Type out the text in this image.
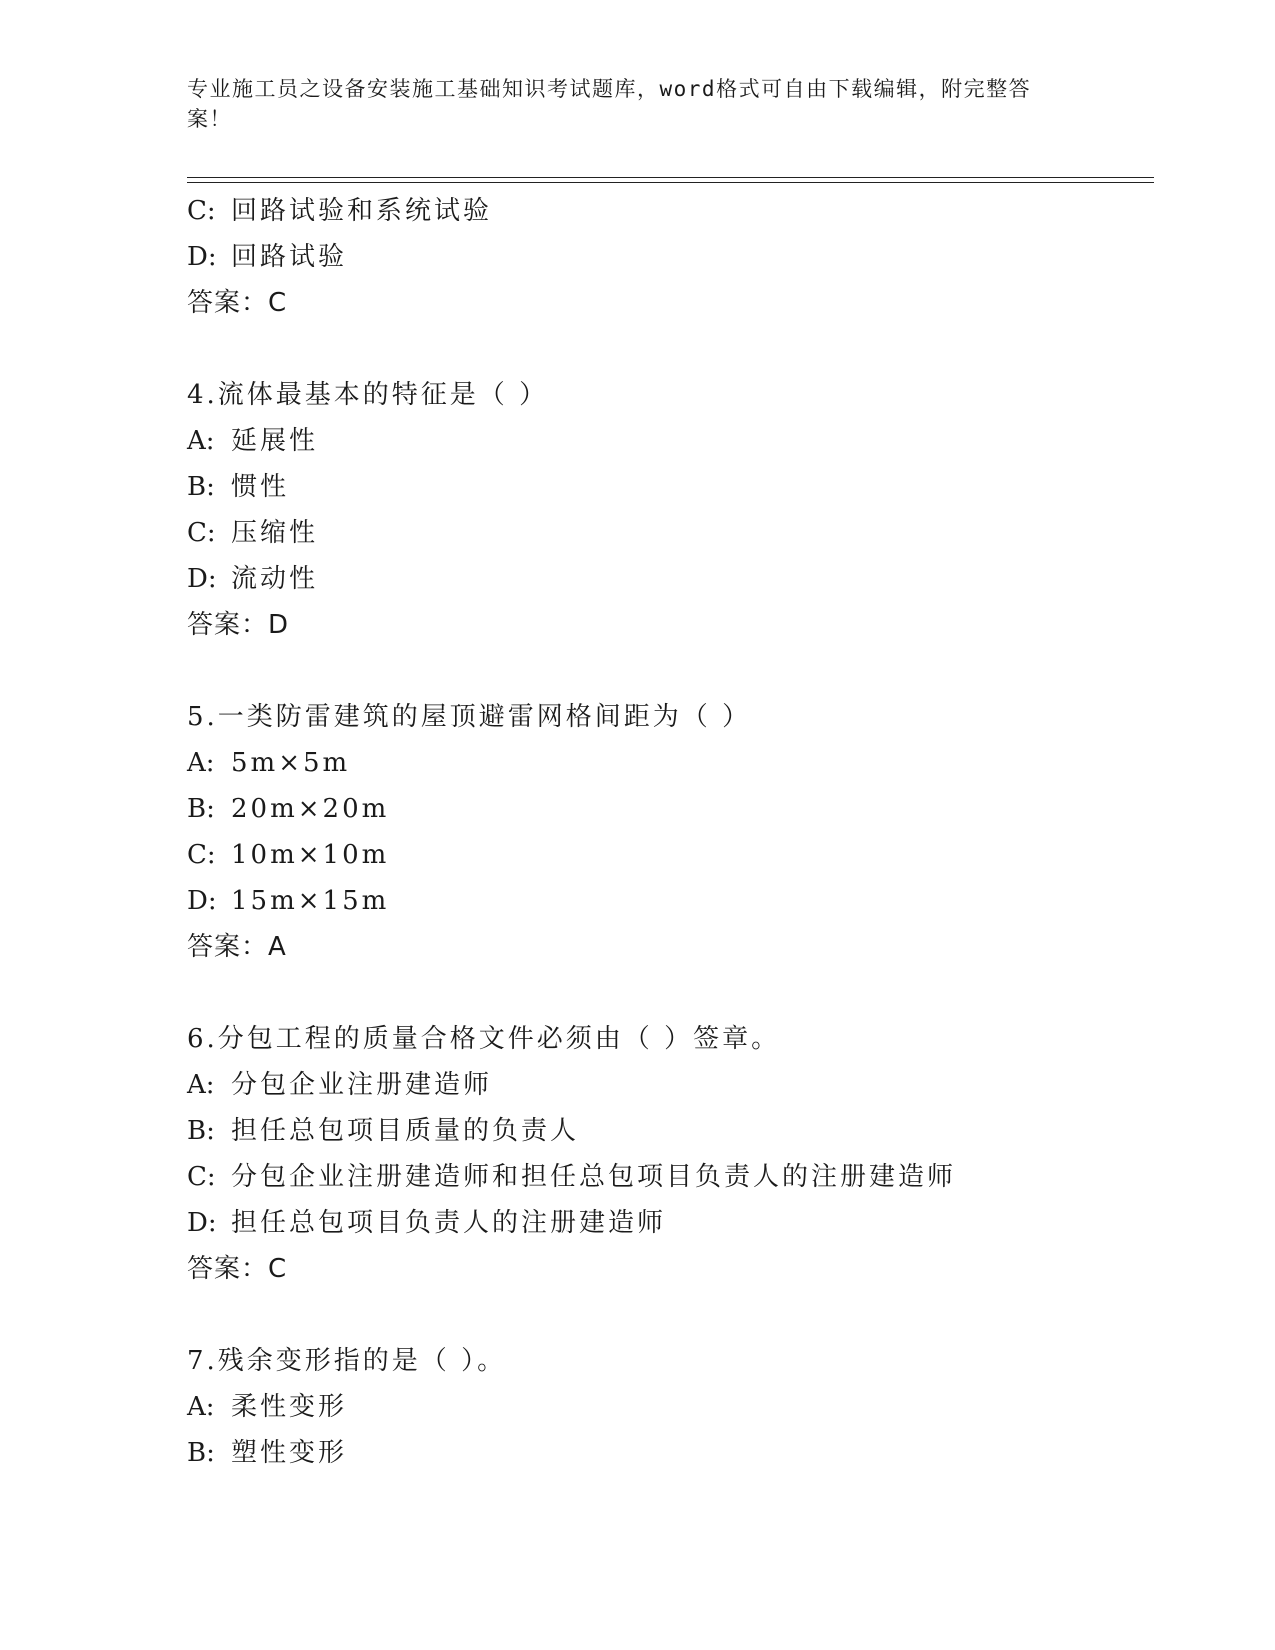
专业施工员之设备安装施工基础知识考试题库，word格式可自由下载编辑，附完整答案！
C: 回路试验和系统试验
D: 回路试验
答案：C
4.流体最基本的特征是（ ）
A: 延展性
B: 惯性
C: 压缩性
D: 流动性
答案：D
5.一类防雷建筑的屋顶避雷网格间距为（ ）
A: 5m×5m
B: 20m×20m
C: 10m×10m
D: 15m×15m
答案：A
6.分包工程的质量合格文件必须由（ ）签章。
A: 分包企业注册建造师
B: 担任总包项目质量的负责人
C: 分包企业注册建造师和担任总包项目负责人的注册建造师
D: 担任总包项目负责人的注册建造师
答案：C
7.残余变形指的是（ ）。
A: 柔性变形
B: 塑性变形
